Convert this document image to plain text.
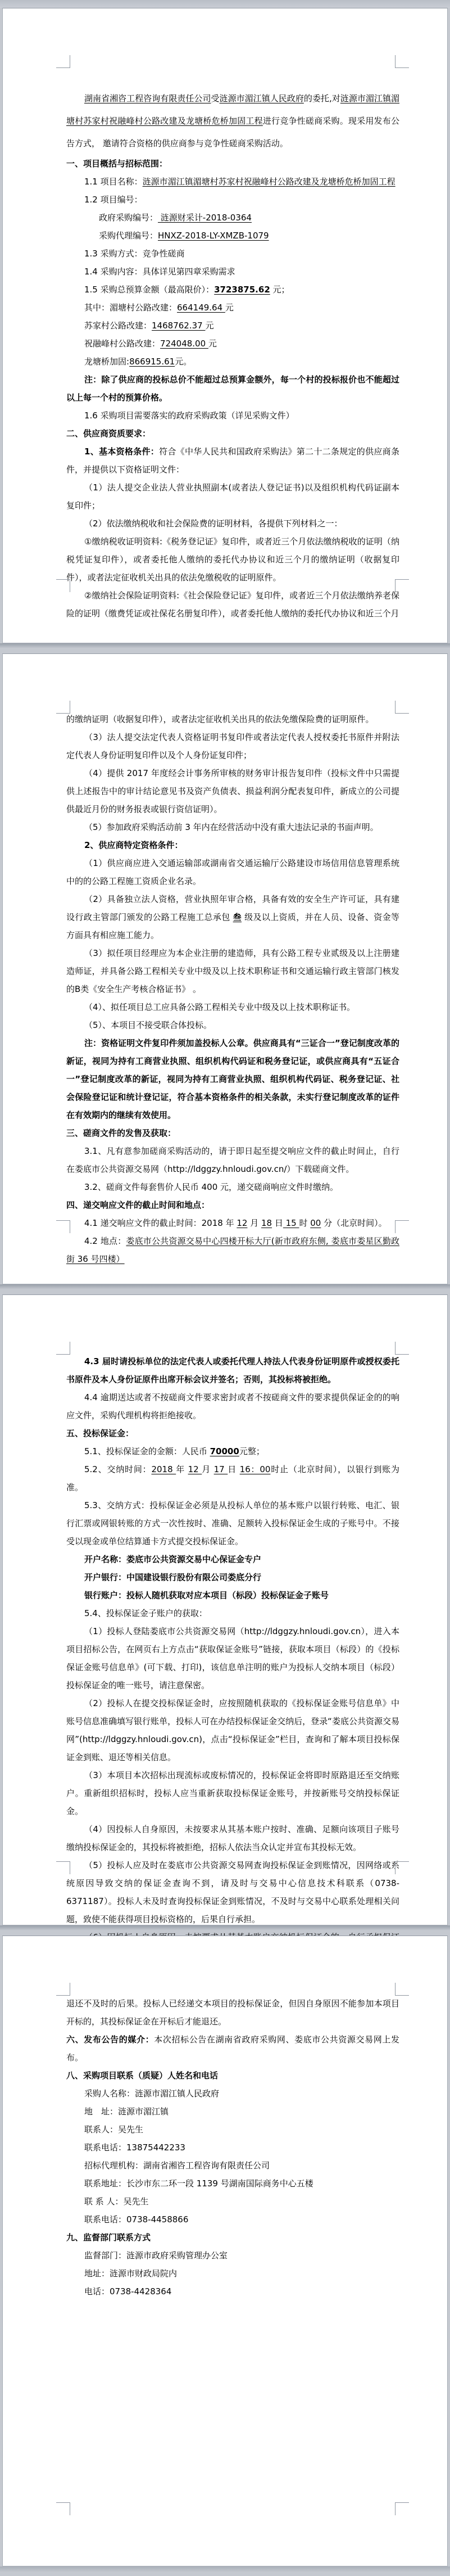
湖南省湘咨工程咨询有限责任公司受涟源市湄江镇人民政府的委托,对涟源市湄江镇湄塘村苏家村祝融峰村公路改建及龙塘桥危桥加固工程进行竞争性磋商采购。现采用发布公告方式， 邀请符合资格的供应商参与竞争性磋商采购活动。

一、项目概括与招标范围：

1.1 项目名称：涟源市湄江镇湄塘村苏家村祝融峰村公路改建及龙塘桥危桥加固工程

1.2 项目编号：

政府采购编号： 涟源财采计-2018-0364

采购代理编号：HNXZ-2018-LY-XMZB-1079

1.3 采购方式：竞争性磋商

1.4 采购内容：具体详见第四章采购需求

1.5 采购总预算金额（最高限价）：3723875.62 元；

其中：湄塘村公路改建：664149.64 元

苏家村公路改建：1468762.37 元

祝融峰村公路改建：724048.00 元

龙塘桥加固:866915.61元。

注：除了供应商的投标总价不能超过总预算金额外，每一个村的投标报价也不能超过以上每一个村的预算价格。

1.6 采购项目需要落实的政府采购政策（详见采购文件）

二、供应商资质要求：

1、基本资格条件：符合《中华人民共和国政府采购法》第二十二条规定的供应商条件，并提供以下资格证明文件：

（1）法人提交企业法人营业执照副本(或者法人登记证书)以及组织机构代码证副本复印件；

（2）依法缴纳税收和社会保险费的证明材料，各提供下列材料之一：

①缴纳税收证明资料:《税务登记证》复印件，或者近三个月依法缴纳税收的证明（纳税凭证复印件），或者委托他人缴纳的委托代办协议和近三个月的缴纳证明（收据复印件），或者法定征收机关出具的依法免缴税收的证明原件。

②缴纳社会保险证明资料:《社会保险登记证》复印件，或者近三个月依法缴纳养老保险的证明（缴费凭证或社保花名册复印件），或者委托他人缴纳的委托代办协议和近三个月

的缴纳证明（收据复印件），或者法定征收机关出具的依法免缴保险费的证明原件。

（3）法人提交法定代表人资格证明书复印件或者法定代表人授权委托书原件并附法定代表人身份证明复印件以及个人身份证复印件；

（4）提供 2017 年度经会计事务所审核的财务审计报告复印件（投标文件中只需提供上述报告中的审计结论意见书及资产负债表、损益利润分配表复印件，新成立的公司提供最近月份的财务报表或银行资信证明）。

（5）参加政府采购活动前 3 年内在经营活动中没有重大违法记录的书面声明。

2、供应商特定资格条件：

（1）供应商应进入交通运输部或湖南省交通运输厅公路建设市场信用信息管理系统中的的公路工程施工资质企业名录。

（2）具备独立法人资格，营业执照年审合格，具备有效的安全生产许可证，具有建设行政主管部门颁发的公路工程施工总承包 叁 级及以上资质，并在人员、设备、资金等方面具有相应施工能力。

（3）拟任项目经理应为本企业注册的建造师，具有公路工程专业贰级及以上注册建造师证，并具备公路工程相关专业中级及以上技术职称证书和交通运输行政主管部门核发的B类《安全生产考核合格证书》 。

（4）、拟任项目总工应具备公路工程相关专业中级及以上技术职称证书。

（5）、本项目不接受联合体投标。

注：资格证明文件复印件须加盖投标人公章。供应商具有“三证合一”登记制度改革的新证，视同为持有工商营业执照、组织机构代码证和税务登记证，或供应商具有“五证合一”登记制度改革的新证，视同为持有工商营业执照、组织机构代码证、税务登记证、社会保险登记证和统计登记证，符合基本资格条件的相关条款，未实行登记制度改革的证件在有效期内的继续有效使用。

三、磋商文件的发售及获取：

3.1、凡有意参加磋商采购活动的，请于即日起至提交响应文件的截止时间止，自行在娄底市公共资源交易网（http://ldggzy.hnloudi.gov.cn/）下载磋商文件。

3.2、磋商文件每套售价人民币 400 元，递交磋商响应文件时缴纳。

四、递交响应文件的截止时间和地点：

4.1 递交响应文件的截止时间：2018 年 12 月 18 日 15 时 00 分（北京时间）。

4.2 地点：娄底市公共资源交易中心四楼开标大厅(新市政府东侧, 娄底市娄星区勤政街 36 号四楼）

4.3 届时请投标单位的法定代表人或委托代理人持法人代表身份证明原件或授权委托书原件及本人身份证原件出席开标会议并签名；否则，其投标将被拒绝。

4.4 逾期送达或者不按磋商文件要求密封或者不按磋商文件的要求提供保证金的的响应文件，采购代理机构将拒绝接收。

五、投标保证金：

5.1、投标保证金的金额：人民币 70000元整；

5.2、交纳时间：2018 年 12 月 17 日 16：00时止（北京时间），以银行到账为准。

5.3、交纳方式：投标保证金必须是从投标人单位的基本账户以银行转账、电汇、银行汇票或网银转账的方式一次性按时、准确、足额转入投标保证金生成的子账号中。不接受以现金或单位结算通卡方式提交投标保证金。

开户名称：娄底市公共资源交易中心保证金专户

开户银行：中国建设银行股份有限公司娄底分行

银行账户：投标人随机获取对应本项目（标段）投标保证金子账号

5.4、投标保证金子账户的获取：

（1）投标人登陆娄底市公共资源交易网（http://ldggzy.hnloudi.gov.cn），进入本项目招标公告，在网页右上方点击“获取保证金账号”链接，获取本项目（标段）的《投标保证金账号信息单》(可下载、打印)，该信息单注明的账户为投标人交纳本项目（标段）投标保证金的唯一账号，请注意保密。

（2）投标人在提交投标保证金时，应按照随机获取的《投标保证金账号信息单》中账号信息准确填写银行账单，投标人可在办结投标保证金交纳后，登录“娄底公共资源交易网”(http://ldggzy.hnloudi.gov.cn)，点击“投标保证金”栏目，查询和了解本项目投标保证金到账、退还等相关信息。

（3）本项目本次招标出现流标或废标情况的，投标保证金将即时原路退还至交纳账户。重新组织招标时，投标人应当重新获取投标保证金账号，并按新账号交纳投标保证金。

（4）因投标人自身原因，未按要求从其基本账户按时、准确、足额向该项目子账号缴纳投标保证金的，其投标将被拒绝，招标人依法当众认定并宣布其投标无效。

（5）投标人应及时在娄底市公共资源交易网查询投标保证金到账情况，因网络或系统原因导致交纳的保证金查询不到，请及时与交易中心信息技术科联系（0738-6371187）。投标人未及时查询投标保证金到账情况，不及时与交易中心联系处理相关问题，致使不能获得项目投标资格的，后果自行承担。

退还不及时的后果。投标人已经递交本项目的投标保证金，但因自身原因不能参加本项目开标的，其投标保证金在开标后才能退还。

六、发布公告的媒介：本次招标公告在湖南省政府采购网、娄底市公共资源交易网上发布。

八、采购项目联系（质疑）人姓名和电话

采购人名称：涟源市湄江镇人民政府

地　址：涟源市湄江镇

联系人：吴先生

联系电话：13875442233

招标代理机构：湖南省湘咨工程咨询有限责任公司

联系地址：长沙市东二环一段 1139 号湖南国际商务中心五楼

联 系 人：吴先生

联系电话：0738-4458866

九、监督部门联系方式

监督部门：涟源市政府采购管理办公室

地址：涟源市财政局院内

电话：0738-4428364
